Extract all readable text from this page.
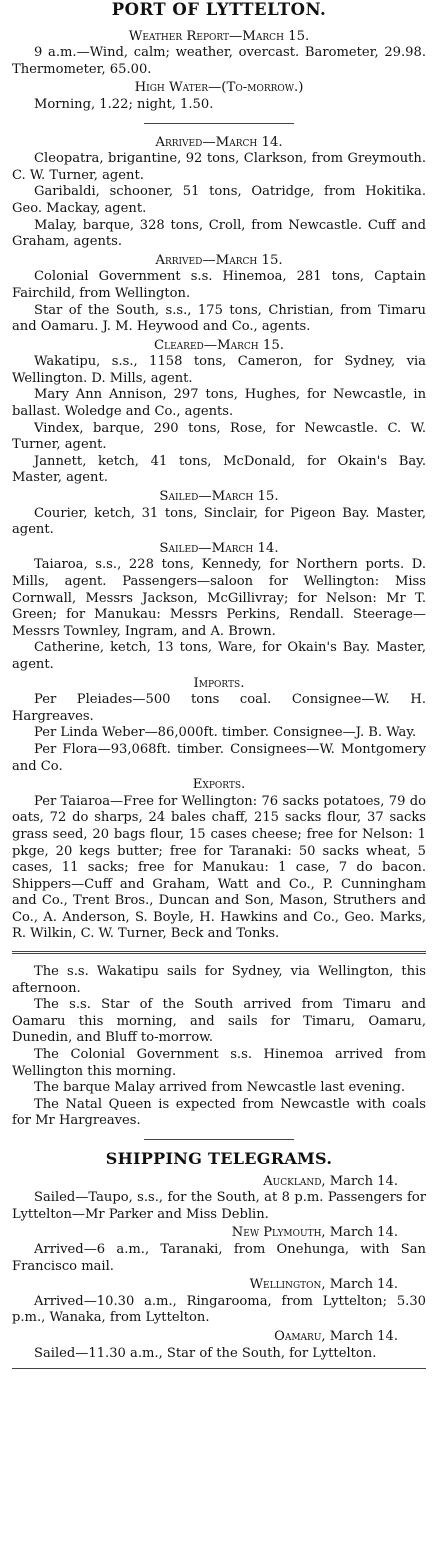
PORT OF LYTTELTON.
Weather Report—March 15.

9 a.m.—Wind, calm; weather, overcast. Barometer, 29.98. Thermometer, 65.00.

High Water—(To-morrow.)

Morning, 1.22; night, 1.50.

Arrived—March 14.

Cleopatra, brigantine, 92 tons, Clarkson, from Greymouth. C. W. Turner, agent.

Garibaldi, schooner, 51 tons, Oatridge, from Hokitika. Geo. Mackay, agent.

Malay, barque, 328 tons, Croll, from Newcastle. Cuff and Graham, agents.

Arrived—March 15.

Colonial Government s.s. Hinemoa, 281 tons, Captain Fairchild, from Wellington.

Star of the South, s.s., 175 tons, Christian, from Timaru and Oamaru. J. M. Heywood and Co., agents.

Cleared—March 15.

Wakatipu, s.s., 1158 tons, Cameron, for Sydney, via Wellington. D. Mills, agent.

Mary Ann Annison, 297 tons, Hughes, for Newcastle, in ballast. Woledge and Co., agents.

Vindex, barque, 290 tons, Rose, for Newcastle. C. W. Turner, agent.

Jannett, ketch, 41 tons, McDonald, for Okain's Bay. Master, agent.

Sailed—March 15.

Courier, ketch, 31 tons, Sinclair, for Pigeon Bay. Master, agent.

Sailed—March 14.

Taiaroa, s.s., 228 tons, Kennedy, for Northern ports. D. Mills, agent. Passengers—saloon for Wellington: Miss Cornwall, Messrs Jackson, McGillivray; for Nelson: Mr T. Green; for Manukau: Messrs Perkins, Rendall. Steerage—Messrs Townley, Ingram, and A. Brown.

Catherine, ketch, 13 tons, Ware, for Okain's Bay. Master, agent.

Imports.

Per Pleiades—500 tons coal. Consignee—W. H. Hargreaves.

Per Linda Weber—86,000ft. timber. Consignee—J. B. Way.

Per Flora—93,068ft. timber. Consignees—W. Montgomery and Co.

Exports.

Per Taiaroa—Free for Wellington: 76 sacks potatoes, 79 do oats, 72 do sharps, 24 bales chaff, 215 sacks flour, 37 sacks grass seed, 20 bags flour, 15 cases cheese; free for Nelson: 1 pkge, 20 kegs butter; free for Taranaki: 50 sacks wheat, 5 cases, 11 sacks; free for Manukau: 1 case, 7 do bacon. Shippers—Cuff and Graham, Watt and Co., P. Cunningham and Co., Trent Bros., Duncan and Son, Mason, Struthers and Co., A. Anderson, S. Boyle, H. Hawkins and Co., Geo. Marks, R. Wilkin, C. W. Turner, Beck and Tonks.

The s.s. Wakatipu sails for Sydney, via Wellington, this afternoon.

The s.s. Star of the South arrived from Timaru and Oamaru this morning, and sails for Timaru, Oamaru, Dunedin, and Bluff to-morrow.

The Colonial Government s.s. Hinemoa arrived from Wellington this morning.

The barque Malay arrived from Newcastle last evening.

The Natal Queen is expected from Newcastle with coals for Mr Hargreaves.

SHIPPING TELEGRAMS.
Auckland, March 14.

Sailed—Taupo, s.s., for the South, at 8 p.m. Passengers for Lyttelton—Mr Parker and Miss Deblin.

New Plymouth, March 14.

Arrived—6 a.m., Taranaki, from Onehunga, with San Francisco mail.

Wellington, March 14.

Arrived—10.30 a.m., Ringarooma, from Lyttelton; 5.30 p.m., Wanaka, from Lyttelton.

Oamaru, March 14.

Sailed—11.30 a.m., Star of the South, for Lyttelton.
